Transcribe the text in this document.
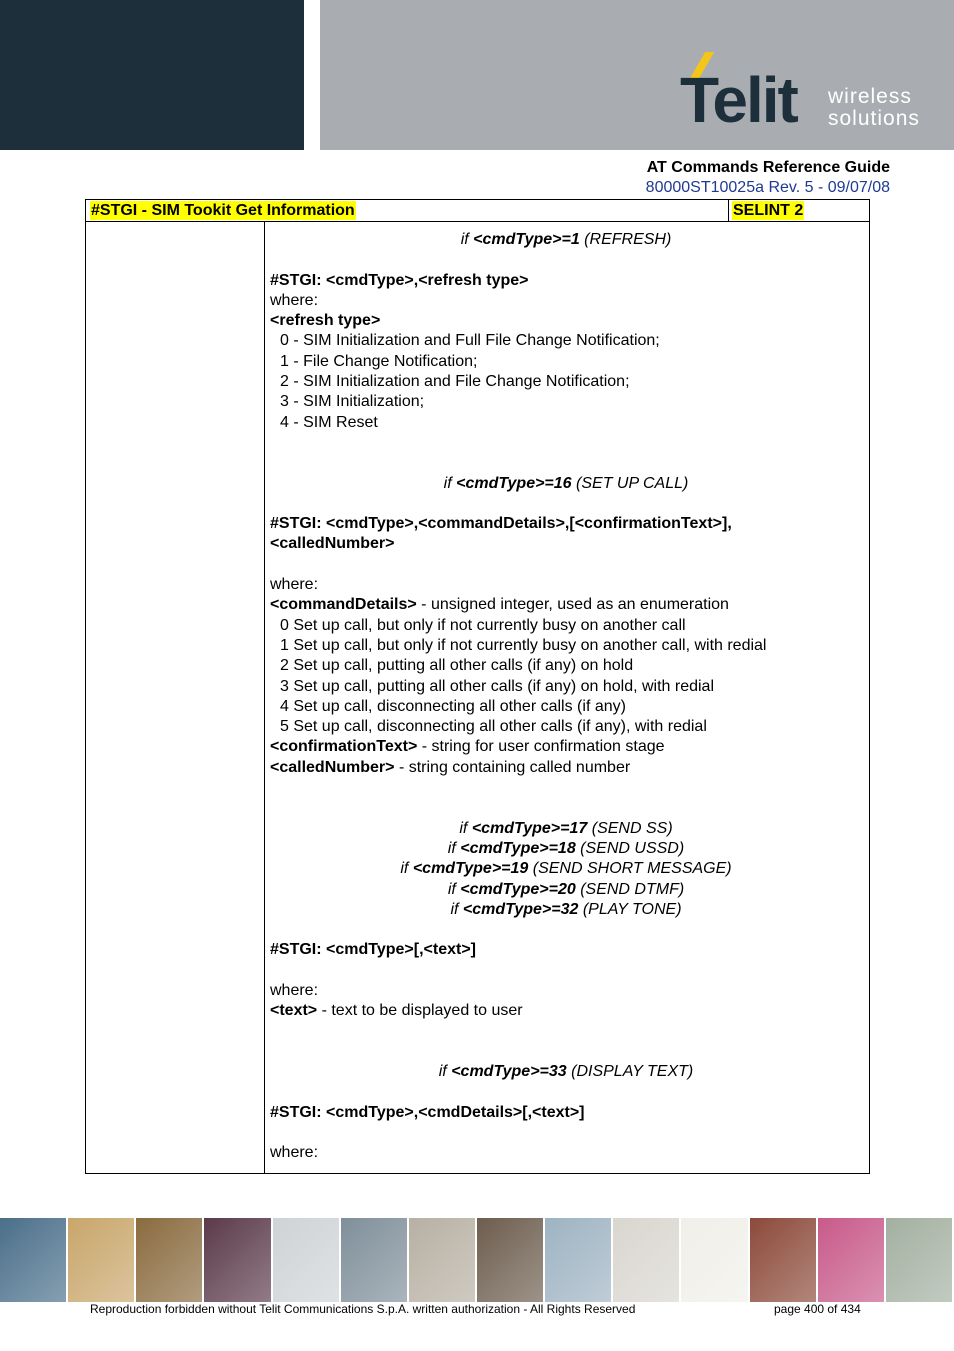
Telit wireless
solutions
AT Commands Reference Guide
80000ST10025a Rev. 5 - 09/07/08
#STGI - SIM Tookit Get Information	SELINT 2

if <cmdType>=1 (REFRESH)

#STGI: <cmdType>,<refresh type>

where:

<refresh type>

0 - SIM Initialization and Full File Change Notification;

1 - File Change Notification;

2 - SIM Initialization and File Change Notification;

3 - SIM Initialization;

4 - SIM Reset

if <cmdType>=16 (SET UP CALL)

#STGI: <cmdType>,<commandDetails>,[<confirmationText>],

<calledNumber>

where:

<commandDetails> - unsigned integer, used as an enumeration

0 Set up call, but only if not currently busy on another call

1 Set up call, but only if not currently busy on another call, with redial

2 Set up call, putting all other calls (if any) on hold

3 Set up call, putting all other calls (if any) on hold, with redial

4 Set up call, disconnecting all other calls (if any)

5 Set up call, disconnecting all other calls (if any), with redial

<confirmationText> - string for user confirmation stage

<calledNumber> - string containing called number

if <cmdType>=17 (SEND SS)

if <cmdType>=18 (SEND USSD)

if <cmdType>=19 (SEND SHORT MESSAGE)

if <cmdType>=20 (SEND DTMF)

if <cmdType>=32 (PLAY TONE)

#STGI: <cmdType>[,<text>]

where:

<text> - text to be displayed to user

if <cmdType>=33 (DISPLAY TEXT)

#STGI: <cmdType>,<cmdDetails>[,<text>]

where:

Reproduction forbidden without Telit Communications S.p.A. written authorization - All Rights Reserved	page 400 of 434
